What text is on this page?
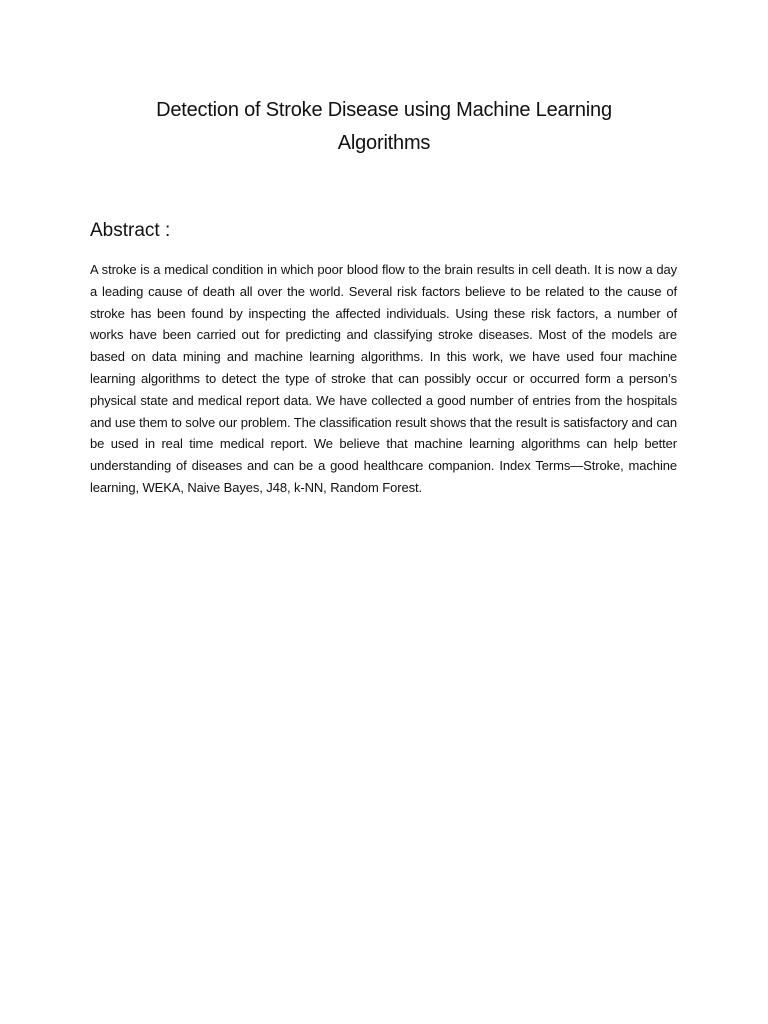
Detection of Stroke Disease using Machine Learning Algorithms
Abstract :

A stroke is a medical condition in which poor blood flow to the brain results in cell death. It is now a day a leading cause of death all over the world. Several risk factors believe to be related to the cause of stroke has been found by inspecting the affected individuals. Using these risk factors, a number of works have been carried out for predicting and classifying stroke diseases. Most of the models are based on data mining and machine learning algorithms. In this work, we have used four machine learning algorithms to detect the type of stroke that can possibly occur or occurred form a person’s physical state and medical report data. We have collected a good number of entries from the hospitals and use them to solve our problem. The classification result shows that the result is satisfactory and can be used in real time medical report. We believe that machine learning algorithms can help better understanding of diseases and can be a good healthcare companion. Index Terms—Stroke, machine learning, WEKA, Naive Bayes, J48, k-NN, Random Forest.
